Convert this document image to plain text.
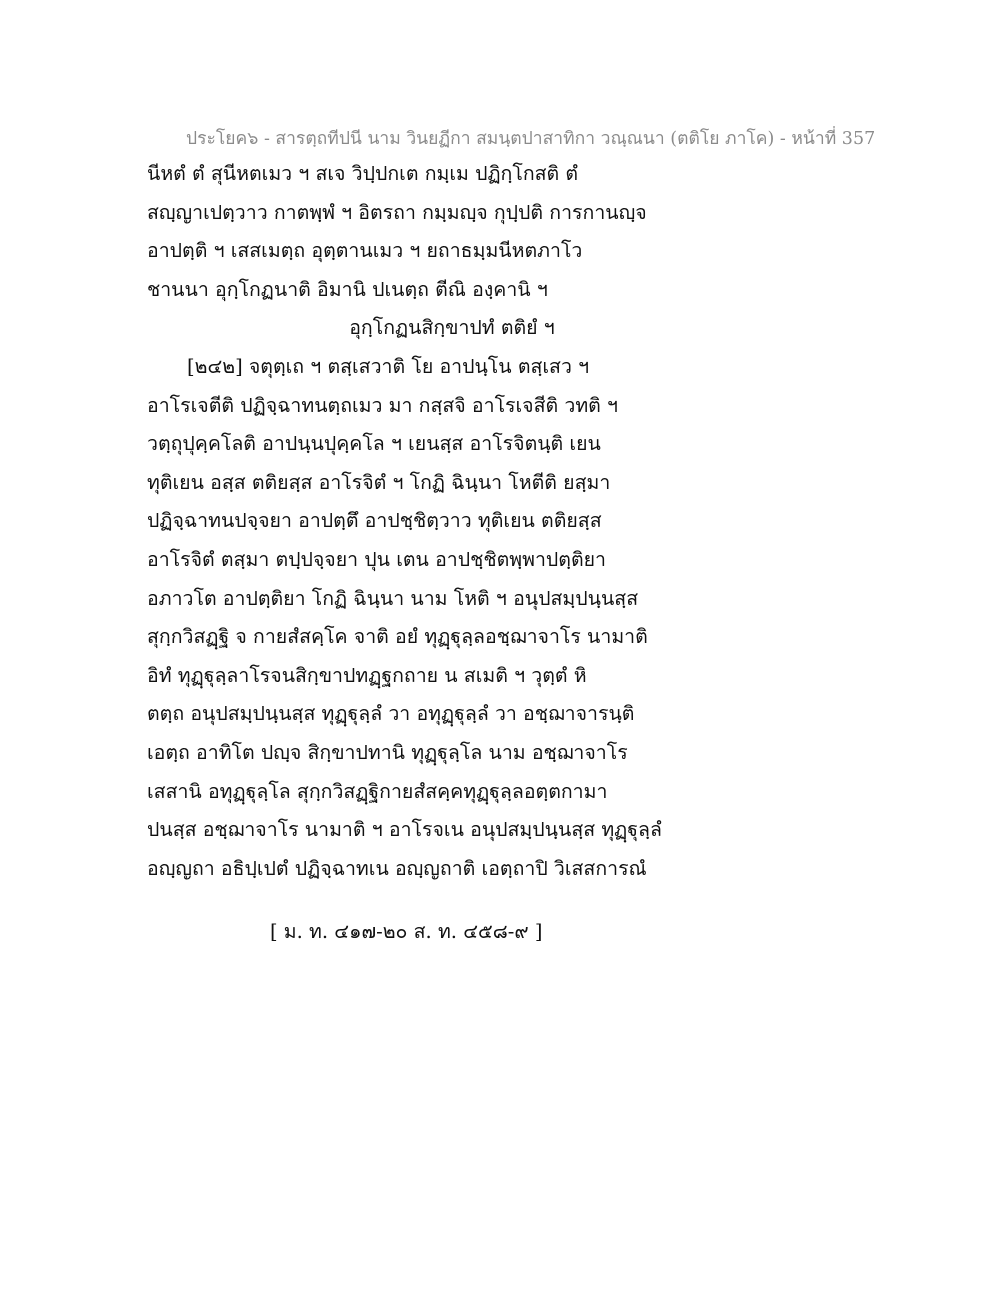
ประโยค๖ - สารตฺถทีปนี นาม วินยฏีกา สมนฺตปาสาทิกา วณฺณนา (ตติโย ภาโค) - หน้าที่ 357
นีหตํ ตํ สุนีหตเมว ฯ สเจ วิปฺปกเต กมฺเม ปฏิกฺโกสติ ตํ
สญฺญาเปตฺวาว กาตพฺพํ ฯ อิตรถา กมฺมญฺจ กุปฺปติ การกานญฺจ
อาปตฺติ ฯ เสสเมตฺถ อุตฺตานเมว ฯ ยถาธมฺมนีหตภาโว
ชานนา อุกฺโกฏนาติ อิมานิ ปเนตฺถ ตีณิ องฺคานิ ฯ
อุกฺโกฏนสิกฺขาปทํ ตติยํ ฯ
[๒๔๒] จตุตฺเถ ฯ ตสฺเสวาติ โย อาปนฺโน ตสฺเสว ฯ
อาโรเจตีติ ปฏิจฺฉาทนตฺถเมว มา กสฺสจิ อาโรเจสีติ วทติ ฯ
วตฺถุปุคฺคโลติ อาปนฺนปุคฺคโล ฯ เยนสฺส อาโรจิตนฺติ เยน
ทุติเยน อสฺส ตติยสฺส อาโรจิตํ ฯ โกฏิ ฉินฺนา โหตีติ ยสฺมา
ปฏิจฺฉาทนปจฺจยา อาปตฺตึ อาปชฺชิตฺวาว ทุติเยน ตติยสฺส
อาโรจิตํ ตสฺมา ตปฺปจฺจยา ปุน เตน อาปชฺชิตพฺพาปตฺติยา
อภาวโต อาปตฺติยา โกฏิ ฉินฺนา นาม โหติ ฯ อนุปสมฺปนฺนสฺส
สุกฺกวิสฏฺฐิ จ กายสํสคฺโค จาติ อยํ ทุฏฺฐุลฺลอชฺฌาจาโร นามาติ
อิทํ ทุฏฺฐุลฺลาโรจนสิกฺขาปทฏฺฐกถาย น สเมติ ฯ วุตฺตํ หิ
ตตฺถ อนุปสมฺปนฺนสฺส ทุฏฺฐุลฺลํ วา อทุฏฺฐุลฺลํ วา อชฺฌาจารนฺติ
เอตฺถ อาทิโต ปญฺจ สิกฺขาปทานิ ทุฏฺฐุลฺโล นาม อชฺฌาจาโร
เสสานิ อทุฏฺฐุลฺโล สุกฺกวิสฏฺฐิกายสํสคฺคทุฏฺฐุลฺลอตฺตกามา
ปนสฺส อชฺฌาจาโร นามาติ ฯ อาโรจเน อนุปสมฺปนฺนสฺส ทุฏฺฐุลฺลํ
อญฺญถา อธิปฺเปตํ ปฏิจฺฉาทเน อญฺญถาติ เอตฺถาปิ วิเสสการณํ
[ ม. ท. ๔๑๗-๒๐ ส. ท. ๔๕๘-๙ ]
